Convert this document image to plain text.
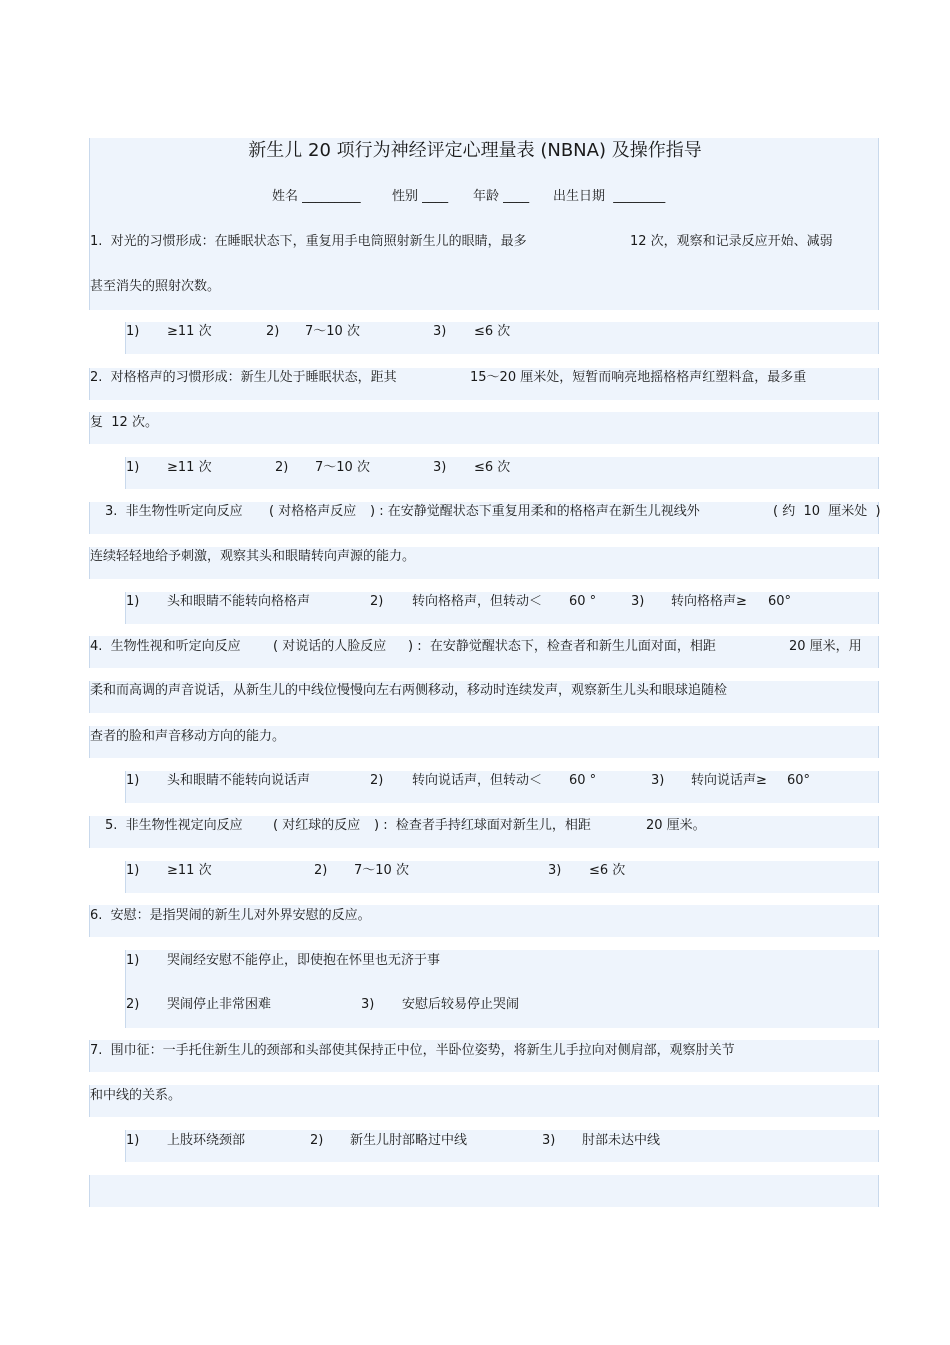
新生儿 20 项行为神经评定心理量表 (NBNA) 及操作指导
姓名 _________ 性别 ____ 年龄 ____ 出生日期  ________
1.  对光的习惯形成：在睡眠状态下，重复用手电筒照射新生儿的眼睛，最多	12 次，观察和记录反应开始、减弱
甚至消失的照射次数。
1) ≥11 次	2) 7～10 次	3) ≤6 次
2.  对格格声的习惯形成：新生儿处于睡眠状态，距其	15～20 厘米处，短暂而响亮地摇格格声红塑料盒，最多重
复  12 次。
1) ≥11 次	2) 7～10 次	3) ≤6 次
3.  非生物性听定向反应 ( 对格格声反应 ) : 在安静觉醒状态下重复用柔和的格格声在新生儿视线外	( 约  10  厘米处  )
连续轻轻地给予刺激，观察其头和眼睛转向声源的能力。
1) 头和眼睛不能转向格格声	2) 转向格格声，但转动＜ 60 °	3) 转向格格声≥ 60°
4.  生物性视和听定向反应 ( 对说话的人脸反应 ) :  在安静觉醒状态下，检查者和新生儿面对面，相距	20 厘米，用
柔和而高调的声音说话，从新生儿的中线位慢慢向左右两侧移动，移动时连续发声，观察新生儿头和眼球追随检
查者的脸和声音移动方向的能力。
1) 头和眼睛不能转向说话声	2) 转向说话声，但转动＜ 60 °	3) 转向说话声≥ 60°
5.  非生物性视定向反应 ( 对红球的反应 ) :  检查者手持红球面对新生儿，相距	20 厘米。
1) ≥11 次	2) 7～10 次	3) ≤6 次
6.  安慰：是指哭闹的新生儿对外界安慰的反应。
1) 哭闹经安慰不能停止，即使抱在怀里也无济于事
2) 哭闹停止非常困难	3) 安慰后较易停止哭闹
7.  围巾征：一手托住新生儿的颈部和头部使其保持正中位，半卧位姿势，将新生儿手拉向对侧肩部，观察肘关节
和中线的关系。
1) 上肢环绕颈部	2) 新生儿肘部略过中线	3) 肘部未达中线
